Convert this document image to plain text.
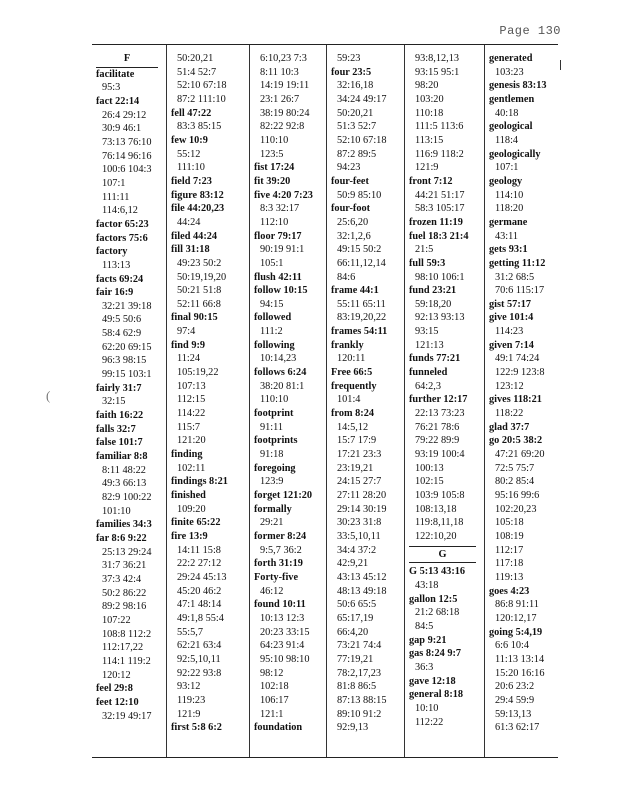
Page 130
(
F
facilitate
95:3
fact 22:14
26:4 29:12
30:9 46:1
73:13 76:10
76:14 96:16
100:6 104:3
107:1
111:11
114:6,12
factor 65:23
factors 75:6
factory
113:13
facts 69:24
fair 16:9
32:21 39:18
49:5 50:6
58:4 62:9
62:20 69:15
96:3 98:15
99:15 103:1
fairly 31:7
32:15
faith 16:22
falls 32:7
false 101:7
familiar 8:8
8:11 48:22
49:3 66:13
82:9 100:22
101:10
families 34:3
far 8:6 9:22
25:13 29:24
31:7 36:21
37:3 42:4
50:2 86:22
89:2 98:16
107:22
108:8 112:2
112:17,22
114:1 119:2
120:12
feel 29:8
feet 12:10
32:19 49:17
50:20,21
51:4 52:7
52:10 67:18
87:2 111:10
fell 47:22
83:3 85:15
few 10:9
55:12
111:10
field 7:23
figure 83:12
file 44:20,23
44:24
filed 44:24
fill 31:18
49:23 50:2
50:19,19,20
50:21 51:8
52:11 66:8
final 90:15
97:4
find 9:9
11:24
105:19,22
107:13
112:15
114:22
115:7
121:20
finding
102:11
findings 8:21
finished
109:20
finite 65:22
fire 13:9
14:11 15:8
22:2 27:12
29:24 45:13
45:20 46:2
47:1 48:14
49:1,8 55:4
55:5,7
62:21 63:4
92:5,10,11
92:22 93:8
93:12
119:23
121:9
first 5:8 6:2
6:10,23 7:3
8:11 10:3
14:19 19:11
23:1 26:7
38:19 80:24
82:22 92:8
110:10
123:5
fist 17:24
fit 39:20
five 4:20 7:23
8:3 32:17
112:10
floor 79:17
90:19 91:1
105:1
flush 42:11
follow 10:15
94:15
followed
111:2
following
10:14,23
follows 6:24
38:20 81:1
110:10
footprint
91:11
footprints
91:18
foregoing
123:9
forget 121:20
formally
29:21
former 8:24
9:5,7 36:2
forth 31:19
Forty-five
46:12
found 10:11
10:13 12:3
20:23 33:15
64:23 91:4
95:10 98:10
98:12
102:18
106:17
121:1
foundation
59:23
four 23:5
32:16,18
34:24 49:17
50:20,21
51:3 52:7
52:10 67:18
87:2 89:5
94:23
four-feet
50:9 85:10
four-foot
25:6,20
32:1,2,6
49:15 50:2
66:11,12,14
84:6
frame 44:1
55:11 65:11
83:19,20,22
frames 54:11
frankly
120:11
Free 66:5
frequently
101:4
from 8:24
14:5,12
15:7 17:9
17:21 23:3
23:19,21
24:15 27:7
27:11 28:20
29:14 30:19
30:23 31:8
33:5,10,11
34:4 37:2
42:9,21
43:13 45:12
48:13 49:18
50:6 65:5
65:17,19
66:4,20
73:21 74:4
77:19,21
78:2,17,23
81:8 86:5
87:13 88:15
89:10 91:2
92:9,13
93:8,12,13
93:15 95:1
98:20
103:20
110:18
111:5 113:6
113:15
116:9 118:2
121:9
front 7:12
44:21 51:17
58:3 105:17
frozen 11:19
fuel 18:3 21:4
21:5
full 59:3
98:10 106:1
fund 23:21
59:18,20
92:13 93:13
93:15
121:13
funds 77:21
funneled
64:2,3
further 12:17
22:13 73:23
76:21 78:6
79:22 89:9
93:19 100:4
100:13
102:15
103:9 105:8
108:13,18
119:8,11,18
122:10,20
G
G 5:13 43:16
43:18
gallon 12:5
21:2 68:18
84:5
gap 9:21
gas 8:24 9:7
36:3
gave 12:18
general 8:18
10:10
112:22
generated
103:23
genesis 83:13
gentlemen
40:18
geological
118:4
geologically
107:1
geology
114:10
118:20
germane
43:11
gets 93:1
getting 11:12
31:2 68:5
70:6 115:17
gist 57:17
give 101:4
114:23
given 7:14
49:1 74:24
122:9 123:8
123:12
gives 118:21
118:22
glad 37:7
go 20:5 38:2
47:21 69:20
72:5 75:7
80:2 85:4
95:16 99:6
102:20,23
105:18
108:19
112:17
117:18
119:13
goes 4:23
86:8 91:11
120:12,17
going 5:4,19
6:6 10:4
11:13 13:14
15:20 16:16
20:6 23:2
29:4 59:9
59:13,13
61:3 62:17
